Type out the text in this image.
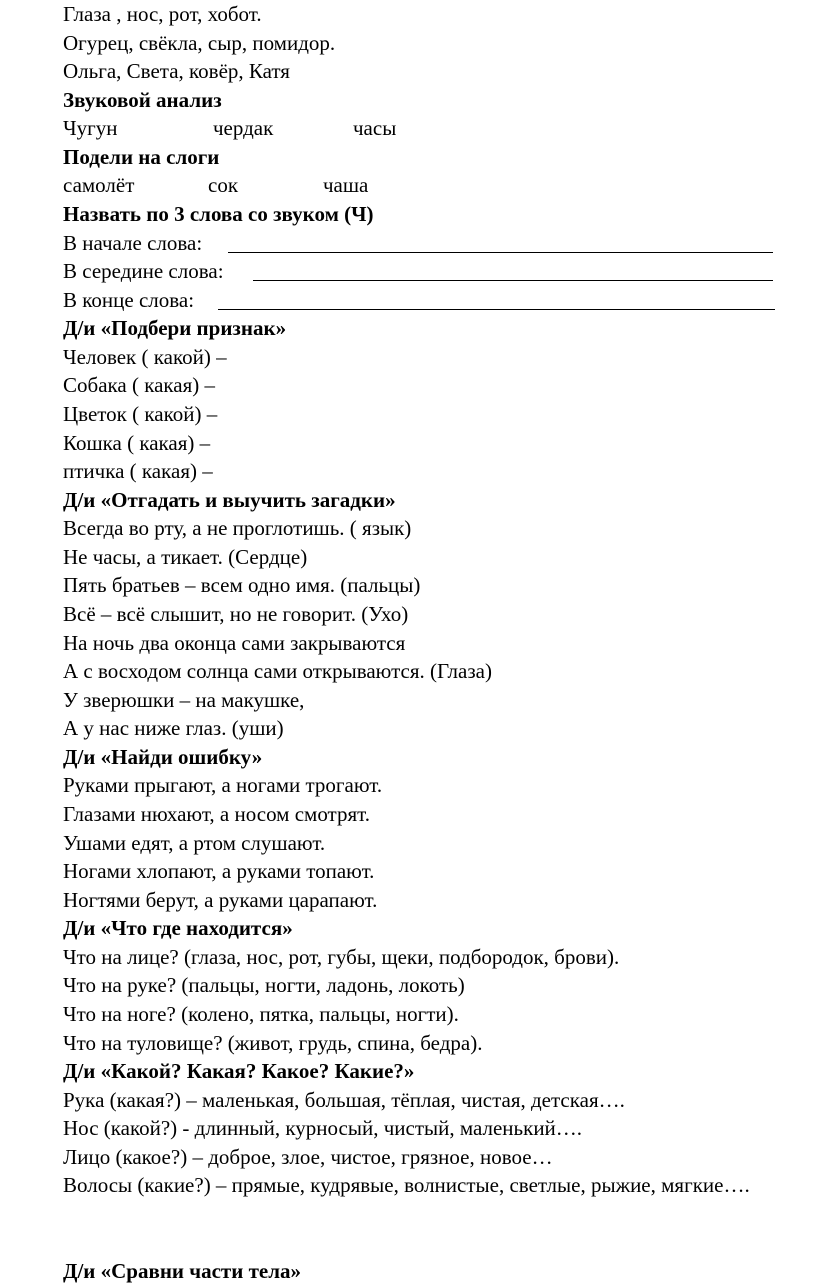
Глаза , нос, рот, хобот.
Огурец, свёкла, сыр, помидор.
Ольга, Света, ковёр, Катя
Звуковой анализ
Чугун	чердак	часы
Подели на слоги
самолёт	сок	чаша
Назвать по 3 слова со звуком (Ч)
В начале слова:
В середине слова:
В конце слова:
Д/и «Подбери признак»
Человек ( какой) –
Собака ( какая) –
Цветок ( какой) –
Кошка ( какая) –
птичка ( какая) –
Д/и «Отгадать и выучить загадки»
Всегда во рту, а не проглотишь. ( язык)
Не часы, а тикает. (Сердце)
Пять братьев – всем одно имя. (пальцы)
Всё – всё слышит, но не говорит. (Ухо)
На ночь два оконца сами закрываются
А с восходом солнца сами открываются. (Глаза)
У зверюшки – на макушке,
А у нас ниже глаз. (уши)
Д/и «Найди ошибку»
Руками прыгают, а ногами трогают.
Глазами нюхают, а носом смотрят.
Ушами едят, а ртом слушают.
Ногами хлопают, а руками топают.
Ногтями берут, а руками царапают.
Д/и «Что где находится»
Что на лице? (глаза, нос, рот, губы, щеки, подбородок, брови).
Что на руке? (пальцы, ногти, ладонь, локоть)
Что на ноге? (колено, пятка, пальцы, ногти).
Что на туловище? (живот, грудь, спина, бедра).
Д/и «Какой? Какая? Какое? Какие?»
Рука (какая?) – маленькая, большая, тёплая, чистая, детская….
Нос (какой?) - длинный, курносый, чистый, маленький….
Лицо (какое?) – доброе, злое, чистое, грязное, новое…
Волосы (какие?) – прямые, кудрявые, волнистые, светлые, рыжие, мягкие….
Д/и «Сравни части тела»
